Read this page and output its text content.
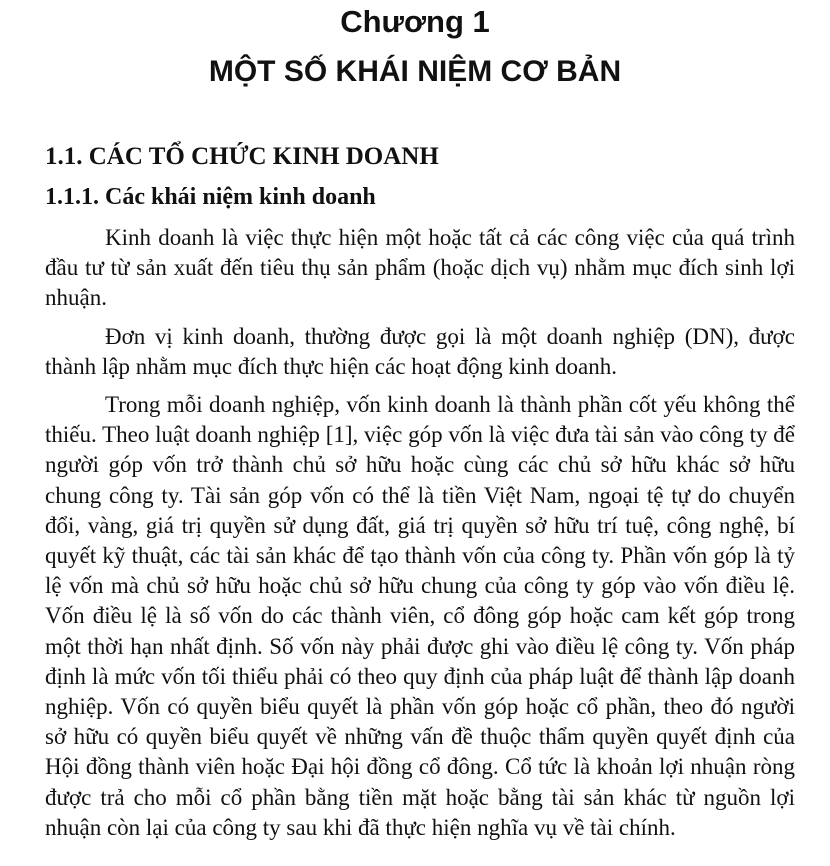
Chương 1
MỘT SỐ KHÁI NIỆM CƠ BẢN
1.1. CÁC TỔ CHỨC KINH DOANH
1.1.1. Các khái niệm kinh doanh

Kinh doanh là việc thực hiện một hoặc tất cả các công việc của quá trình đầu tư từ sản xuất đến tiêu thụ sản phẩm (hoặc dịch vụ) nhằm mục đích sinh lợi nhuận.

Đơn vị kinh doanh, thường được gọi là một doanh nghiệp (DN), được thành lập nhằm mục đích thực hiện các hoạt động kinh doanh.

Trong mỗi doanh nghiệp, vốn kinh doanh là thành phần cốt yếu không thể thiếu. Theo luật doanh nghiệp [1], việc góp vốn là việc đưa tài sản vào công ty để người góp vốn trở thành chủ sở hữu hoặc cùng các chủ sở hữu khác sở hữu chung công ty. Tài sản góp vốn có thể là tiền Việt Nam, ngoại tệ tự do chuyển đổi, vàng, giá trị quyền sử dụng đất, giá trị quyền sở hữu trí tuệ, công nghệ, bí quyết kỹ thuật, các tài sản khác để tạo thành vốn của công ty. Phần vốn góp là tỷ lệ vốn mà chủ sở hữu hoặc chủ sở hữu chung của công ty góp vào vốn điều lệ. Vốn điều lệ là số vốn do các thành viên, cổ đông góp hoặc cam kết góp trong một thời hạn nhất định. Số vốn này phải được ghi vào điều lệ công ty. Vốn pháp định là mức vốn tối thiểu phải có theo quy định của pháp luật để thành lập doanh nghiệp. Vốn có quyền biểu quyết là phần vốn góp hoặc cổ phần, theo đó người sở hữu có quyền biểu quyết về những vấn đề thuộc thẩm quyền quyết định của Hội đồng thành viên hoặc Đại hội đồng cổ đông. Cổ tức là khoản lợi nhuận ròng được trả cho mỗi cổ phần bằng tiền mặt hoặc bằng tài sản khác từ nguồn lợi nhuận còn lại của công ty sau khi đã thực hiện nghĩa vụ về tài chính.
